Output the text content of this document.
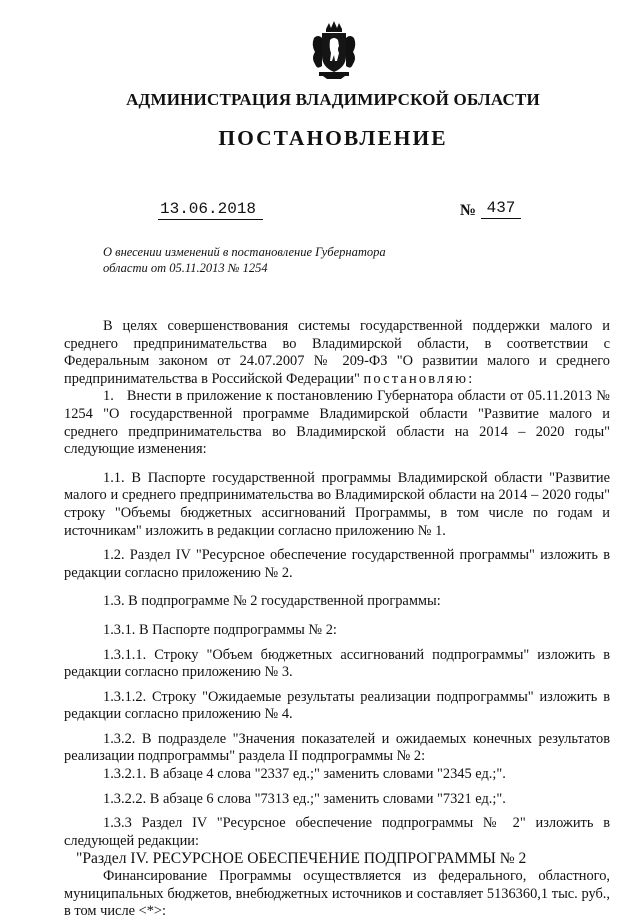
АДМИНИСТРАЦИЯ ВЛАДИМИРСКОЙ ОБЛАСТИ
ПОСТАНОВЛЕНИЕ
13.06.2018	№ 437
О внесении изменений в постановление Губернатора
области от 05.11.2013 № 1254

В целях совершенствования системы государственной поддержки малого и среднего предпринимательства во Владимирской области, в соответствии с Федеральным законом от 24.07.2007 № 209-ФЗ "О развитии малого и среднего предпринимательства в Российской Федерации" постановляю:

1.   Внести в приложение к постановлению Губернатора области от 05.11.2013 № 1254 "О государственной программе Владимирской области "Развитие малого и среднего предпринимательства во Владимирской области на 2014 – 2020 годы" следующие изменения:

1.1. В Паспорте государственной программы Владимирской области "Развитие малого и среднего предпринимательства во Владимирской области на 2014 – 2020 годы" строку "Объемы бюджетных ассигнований Программы, в том числе по годам и источникам" изложить в редакции согласно приложению № 1.

1.2. Раздел IV "Ресурсное обеспечение государственной программы" изложить в редакции согласно приложению № 2.

1.3. В подпрограмме № 2 государственной программы:

1.3.1. В Паспорте подпрограммы № 2:

1.3.1.1. Строку "Объем бюджетных ассигнований подпрограммы" изложить в редакции согласно приложению № 3.

1.3.1.2. Строку "Ожидаемые результаты реализации подпрограммы" изложить в редакции согласно приложению № 4.

1.3.2. В подразделе "Значения показателей и ожидаемых конечных результатов реализации подпрограммы" раздела II подпрограммы № 2:

1.3.2.1. В абзаце 4 слова "2337 ед.;" заменить словами "2345 ед.;".

1.3.2.2. В абзаце 6 слова "7313 ед.;" заменить словами "7321 ед.;".

1.3.3 Раздел IV "Ресурсное обеспечение подпрограммы № 2" изложить в следующей редакции:

"Раздел IV. РЕСУРСНОЕ ОБЕСПЕЧЕНИЕ ПОДПРОГРАММЫ № 2

Финансирование Программы осуществляется из федерального, областного, муниципальных бюджетов, внебюджетных источников и составляет 5136360,1 тыс. руб., в том числе <*>:
